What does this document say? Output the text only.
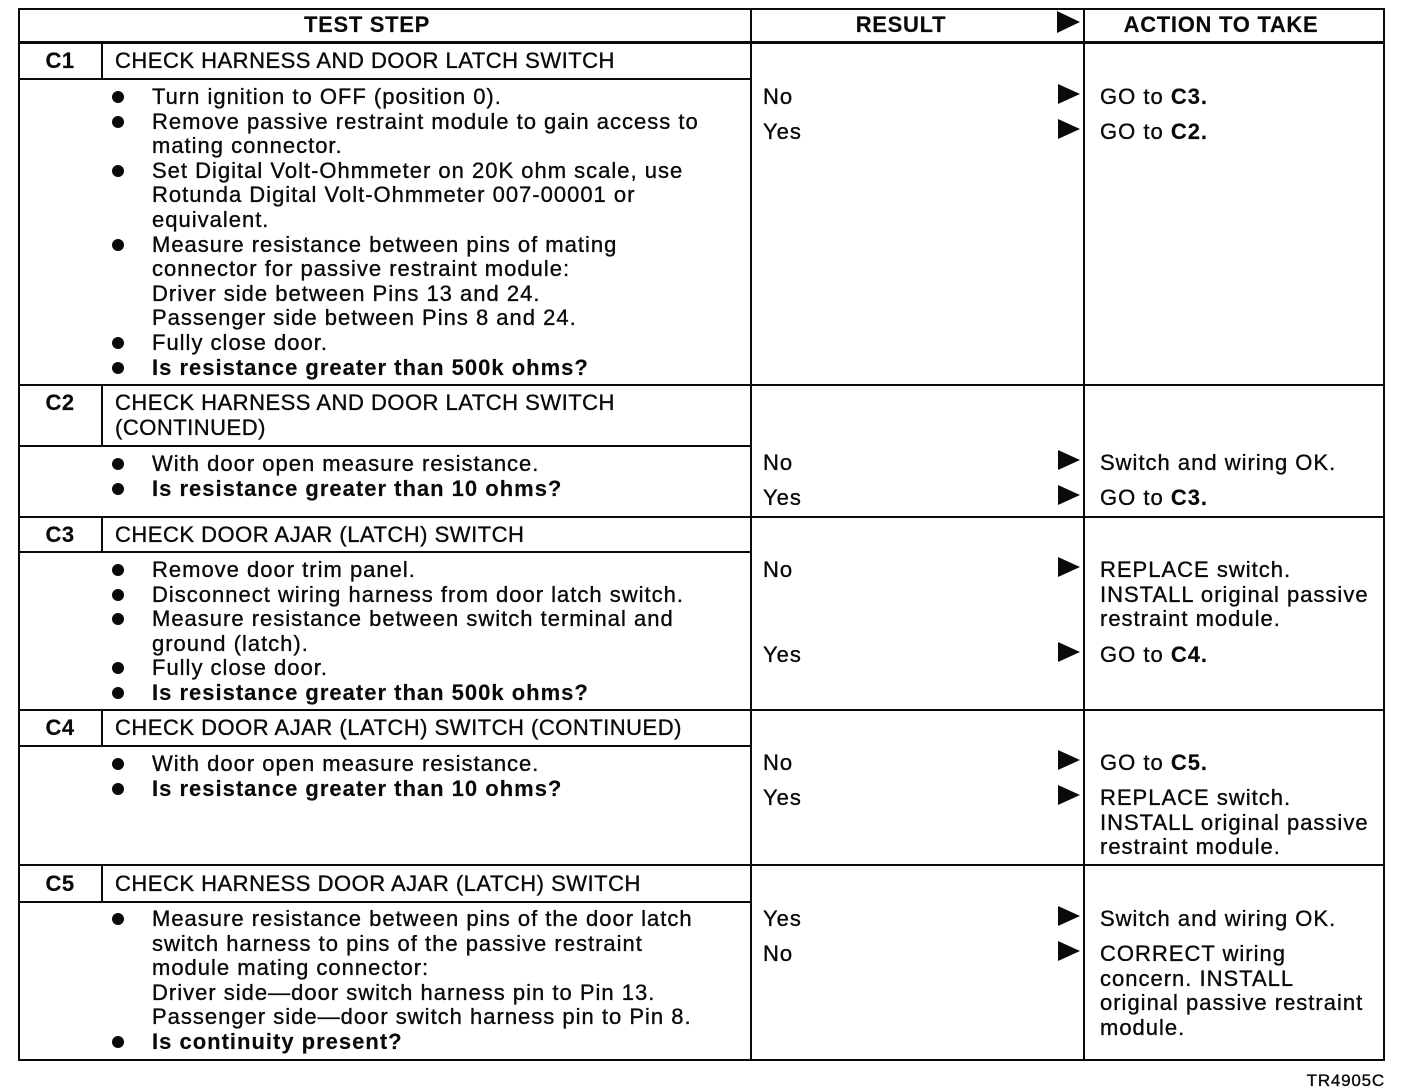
TEST STEP	RESULT	ACTION TO TAKE
C1	CHECK HARNESS AND DOOR LATCH SWITCH
Turn ignition to OFF (position 0).
Remove passive restraint module to gain access to
mating connector.
Set Digital Volt-Ohmmeter on 20K ohm scale, use
Rotunda Digital Volt-Ohmmeter 007-00001 or
equivalent.
Measure resistance between pins of mating
connector for passive restraint module:
Driver side between Pins 13 and 24.
Passenger side between Pins 8 and 24.
Fully close door.
Is resistance greater than 500k ohms?
No	GO to C3.
Yes	GO to C2.
C2	CHECK HARNESS AND DOOR LATCH SWITCH
(CONTINUED)
With door open measure resistance.
Is resistance greater than 10 ohms?
No	Switch and wiring OK.
Yes	GO to C3.
C3	CHECK DOOR AJAR (LATCH) SWITCH
Remove door trim panel.
Disconnect wiring harness from door latch switch.
Measure resistance between switch terminal and
ground (latch).
Fully close door.
Is resistance greater than 500k ohms?
No	REPLACE switch.
INSTALL original passive
restraint module.
Yes	GO to C4.
C4	CHECK DOOR AJAR (LATCH) SWITCH (CONTINUED)
With door open measure resistance.
Is resistance greater than 10 ohms?
No	GO to C5.
Yes	REPLACE switch.
INSTALL original passive
restraint module.
C5	CHECK HARNESS DOOR AJAR (LATCH) SWITCH
Measure resistance between pins of the door latch
switch harness to pins of the passive restraint
module mating connector:
Driver side—door switch harness pin to Pin 13.
Passenger side—door switch harness pin to Pin 8.
Is continuity present?
Yes	Switch and wiring OK.
No	CORRECT wiring
concern. INSTALL
original passive restraint
module.
TR4905C
